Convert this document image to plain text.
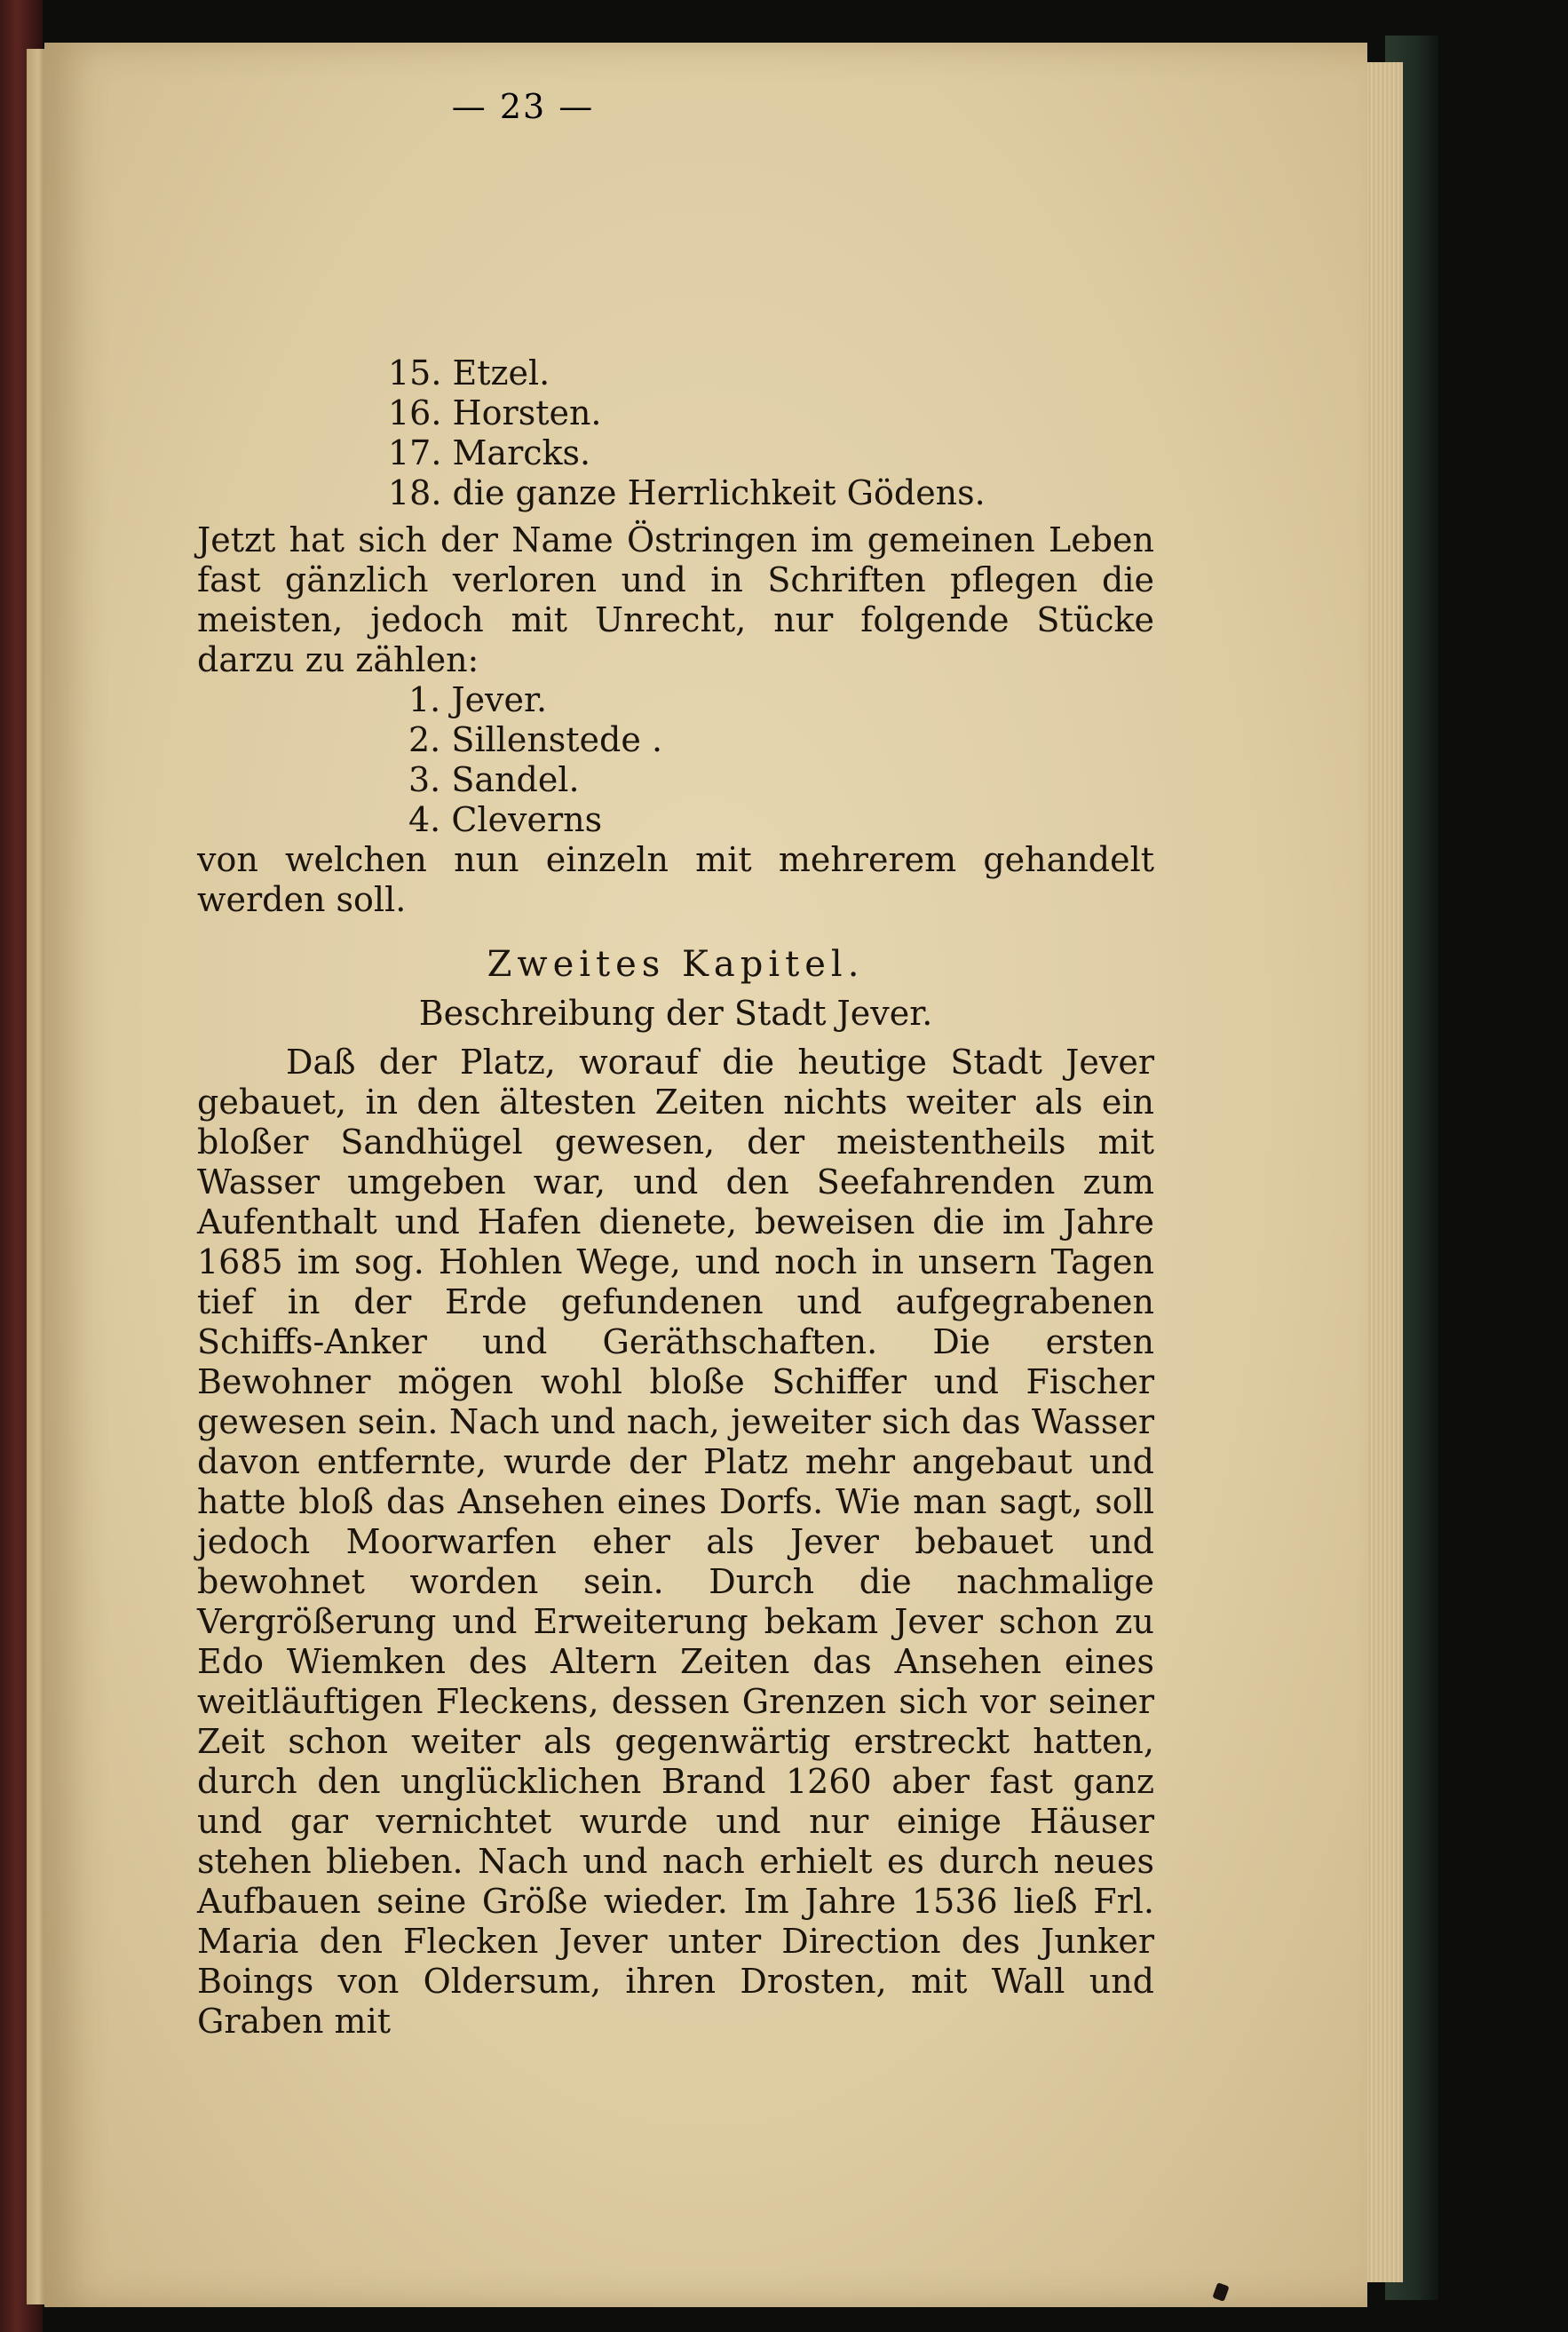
— 23 —
15. Etzel.
16. Horsten.
17. Marcks.
18. die ganze Herrlichkeit Gödens.

Jetzt hat sich der Name Östringen im gemeinen Leben fast gänzlich verloren und in Schriften pflegen die meisten, jedoch mit Unrecht, nur folgende Stücke darzu zu zählen:

1. Jever.
2. Sillenstede .
3. Sandel.
4. Cleverns

von welchen nun einzeln mit mehrerem gehandelt werden soll.

Zweites Kapitel.
Beschreibung der Stadt Jever.

Daß der Platz, worauf die heutige Stadt Jever gebauet, in den ältesten Zeiten nichts weiter als ein bloßer Sandhügel gewesen, der meistentheils mit Wasser umgeben war, und den Seefahrenden zum Aufenthalt und Hafen dienete, beweisen die im Jahre 1685 im sog. Hohlen Wege, und noch in unsern Tagen tief in der Erde gefundenen und aufgegrabenen Schiffs-Anker und Geräthschaften. Die ersten Bewohner mögen wohl bloße Schiffer und Fischer gewesen sein. Nach und nach, jeweiter sich das Wasser davon entfernte, wurde der Platz mehr angebaut und hatte bloß das Ansehen eines Dorfs. Wie man sagt, soll jedoch Moorwarfen eher als Jever bebauet und bewohnet worden sein. Durch die nachmalige Vergrößerung und Erweiterung bekam Jever schon zu Edo Wiemken des Altern Zeiten das Ansehen eines weitläuftigen Fleckens, dessen Grenzen sich vor seiner Zeit schon weiter als gegenwärtig erstreckt hatten, durch den unglücklichen Brand 1260 aber fast ganz und gar vernichtet wurde und nur einige Häuser stehen blieben. Nach und nach erhielt es durch neues Aufbauen seine Größe wieder. Im Jahre 1536 ließ Frl. Maria den Flecken Jever unter Direction des Junker Boings von Oldersum, ihren Drosten, mit Wall und Graben mit
